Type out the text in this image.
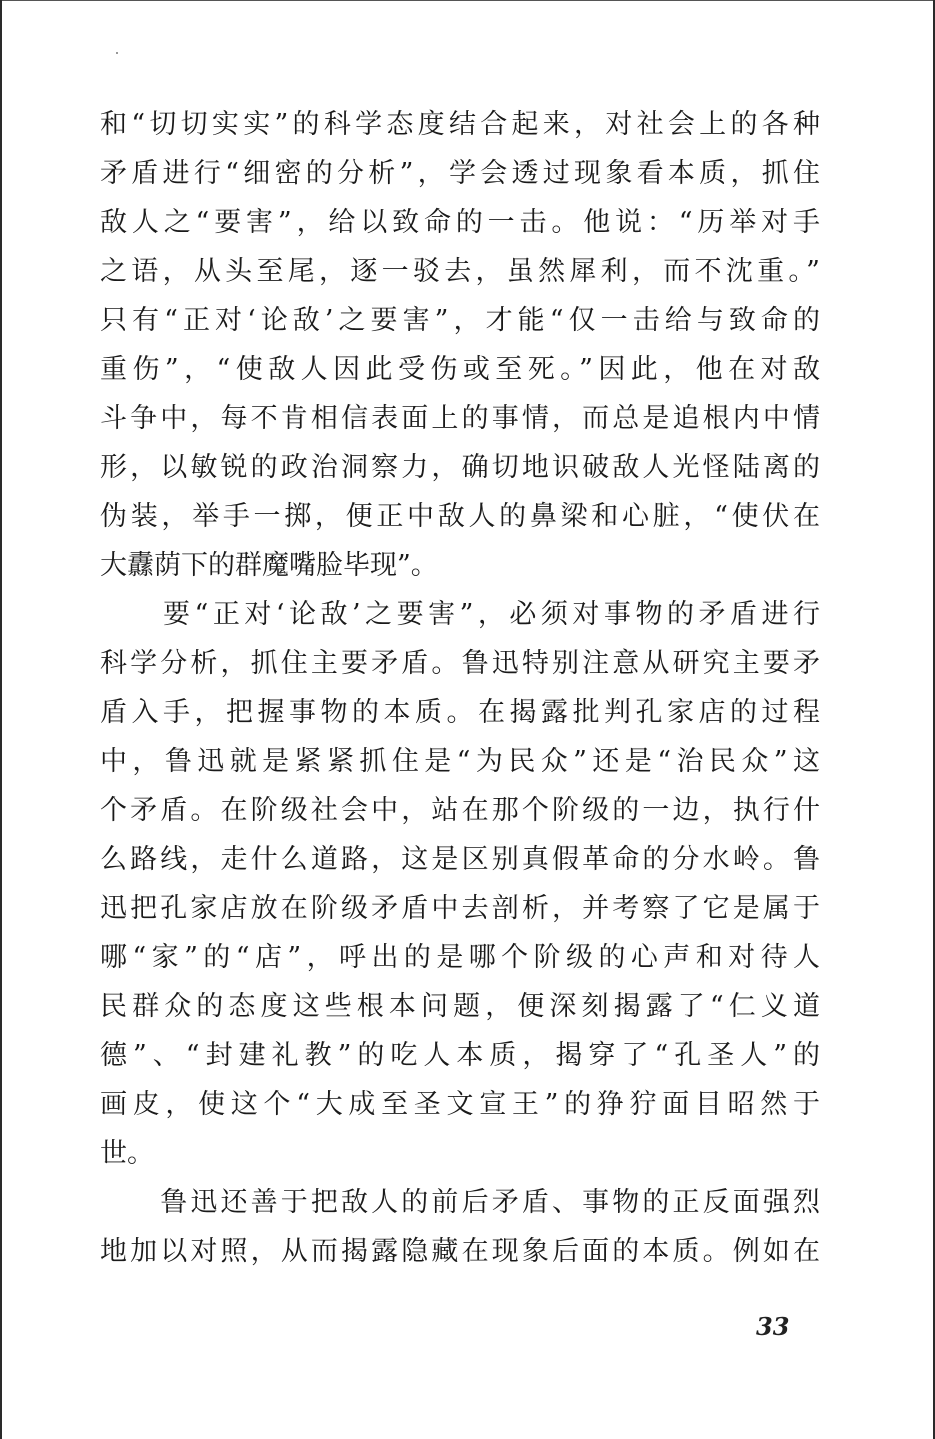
和“切切实实”的科学态度结合起来，对社会上的各种
矛盾进行“细密的分析”，学会透过现象看本质，抓住
敌人之“要害”，给以致命的一击。他说：“历举对手
之语，从头至尾，逐一驳去，虽然犀利，而不沈重。”
只有“正对‘论敌’之要害”，才能“仅一击给与致命的
重伤”，“使敌人因此受伤或至死。”因此，他在对敌
斗争中，每不肯相信表面上的事情，而总是追根内中情
形，以敏锐的政治洞察力，确切地识破敌人光怪陆离的
伪装，举手一掷，便正中敌人的鼻梁和心脏，“使伏在
大纛荫下的群魔嘴脸毕现”。
　　要“正对‘论敌’之要害”，必须对事物的矛盾进行
科学分析，抓住主要矛盾。鲁迅特别注意从研究主要矛
盾入手，把握事物的本质。在揭露批判孔家店的过程
中，鲁迅就是紧紧抓住是“为民众”还是“治民众”这
个矛盾。在阶级社会中，站在那个阶级的一边，执行什
么路线，走什么道路，这是区别真假革命的分水岭。鲁
迅把孔家店放在阶级矛盾中去剖析，并考察了它是属于
哪“家”的“店”，呼出的是哪个阶级的心声和对待人
民群众的态度这些根本问题，便深刻揭露了“仁义道
德”、“封建礼教”的吃人本质，揭穿了“孔圣人”的
画皮，使这个“大成至圣文宣王”的狰狞面目昭然于
世。
　　鲁迅还善于把敌人的前后矛盾、事物的正反面强烈
地加以对照，从而揭露隐藏在现象后面的本质。例如在
33
